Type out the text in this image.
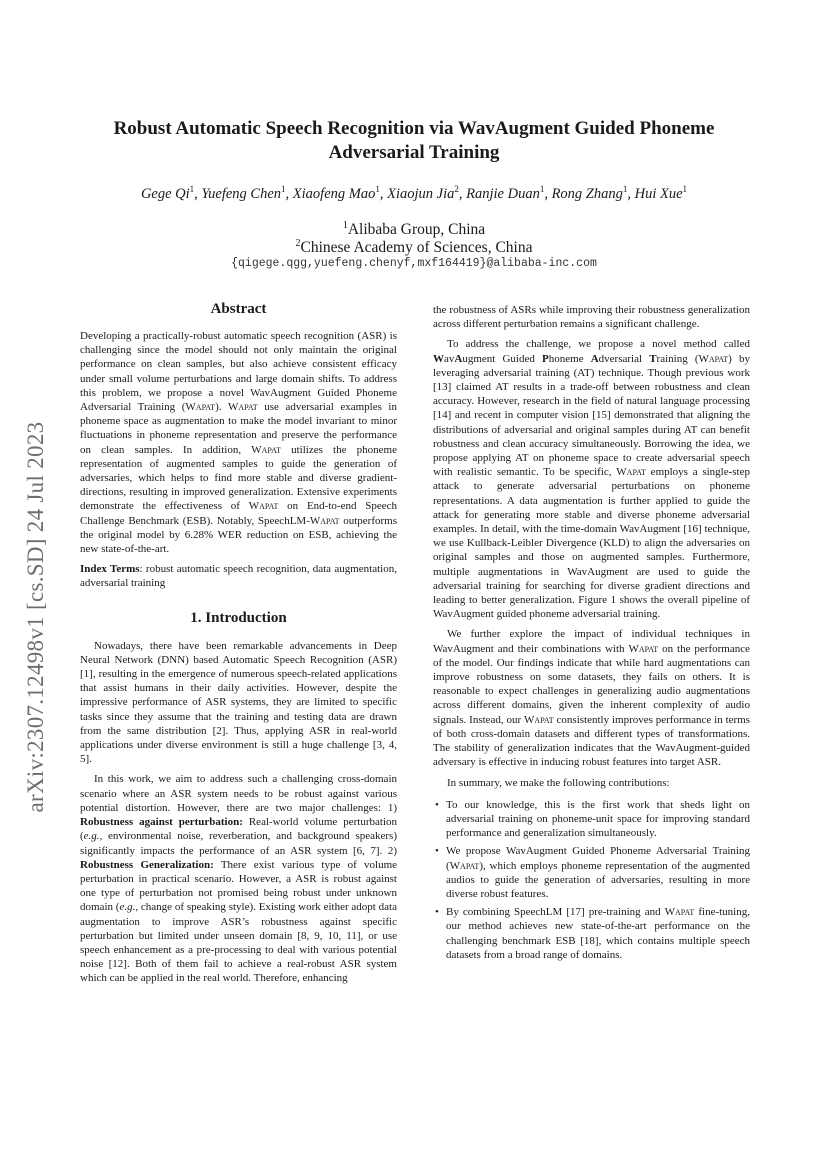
arXiv:2307.12498v1 [cs.SD] 24 Jul 2023
Robust Automatic Speech Recognition via WavAugment Guided Phoneme
Adversarial Training
Gege Qi$^1$, Yuefeng Chen$^1$, Xiaofeng Mao$^1$, Xiaojun Jia$^2$, Ranjie Duan$^1$, Rong Zhang$^1$, Hui Xue$^1$
$^1$Alibaba Group, China
$^2$Chinese Academy of Sciences, China
{qigege.qgg,yuefeng.chenyf,mxf164419}@alibaba-inc.com
Abstract

Developing a practically-robust automatic speech recognition (ASR) is challenging since the model should not only maintain the original performance on clean samples, but also achieve consistent efficacy under small volume perturbations and large domain shifts. To address this problem, we propose a novel WavAugment Guided Phoneme Adversarial Training (Wapat). Wapat use adversarial examples in phoneme space as augmentation to make the model invariant to minor fluctuations in phoneme representation and preserve the performance on clean samples. In addition, Wapat utilizes the phoneme representation of augmented samples to guide the generation of adversaries, which helps to find more stable and diverse gradient-directions, resulting in improved generalization. Extensive experiments demonstrate the effectiveness of Wapat on End-to-end Speech Challenge Benchmark (ESB). Notably, SpeechLM-Wapat outperforms the original model by 6.28% WER reduction on ESB, achieving the new state-of-the-art.

Index Terms: robust automatic speech recognition, data augmentation, adversarial training

1. Introduction

Nowadays, there have been remarkable advancements in Deep Neural Network (DNN) based Automatic Speech Recognition (ASR) [1], resulting in the emergence of numerous speech-related applications that assist humans in their daily activities. However, despite the impressive performance of ASR systems, they are limited to specific tasks since they assume that the training and testing data are drawn from the same distribution [2]. Thus, applying ASR in real-world applications under diverse environment is still a huge challenge [3, 4, 5].

In this work, we aim to address such a challenging cross-domain scenario where an ASR system needs to be robust against various potential distortion. However, there are two major challenges: 1) Robustness against perturbation: Real-world volume perturbation (e.g., environmental noise, reverberation, and background speakers) significantly impacts the performance of an ASR system [6, 7]. 2) Robustness Generalization: There exist various type of volume perturbation in practical scenario. However, a ASR is robust against one type of perturbation not promised being robust under unknown domain (e.g., change of speaking style). Existing work either adopt data augmentation to improve ASR’s robustness against specific perturbation but limited under unseen domain [8, 9, 10, 11], or use speech enhancement as a pre-processing to deal with various potential noise [12]. Both of them fail to achieve a real-robust ASR system which can be applied in the real world. Therefore, enhancing

the robustness of ASRs while improving their robustness generalization across different perturbation remains a significant challenge.

To address the challenge, we propose a novel method called WavAugment Guided Phoneme Adversarial Training (Wapat) by leveraging adversarial training (AT) technique. Though previous work [13] claimed AT results in a trade-off between robustness and clean accuracy. However, research in the field of natural language processing [14] and recent in computer vision [15] demonstrated that aligning the distributions of adversarial and original samples during AT can benefit robustness and clean accuracy simultaneously. Borrowing the idea, we propose applying AT on phoneme space to create adversarial speech with realistic semantic. To be specific, Wapat employs a single-step attack to generate adversarial perturbations on phoneme representations. A data augmentation is further applied to guide the attack for generating more stable and diverse phoneme adversarial examples. In detail, with the time-domain WavAugment [16] technique, we use Kullback-Leibler Divergence (KLD) to align the adversaries on original samples and those on augmented samples. Furthermore, multiple augmentations in WavAugment are used to guide the adversarial training for searching for diverse gradient directions and leading to better generalization. Figure 1 shows the overall pipeline of WavAugment guided phoneme adversarial training.

We further explore the impact of individual techniques in WavAugment and their combinations with Wapat on the performance of the model. Our findings indicate that while hard augmentations can improve robustness on some datasets, they fails on others. It is reasonable to expect challenges in generalizing audio augmentations across different domains, given the inherent complexity of audio signals. Instead, our Wapat consistently improves performance in terms of both cross-domain datasets and different types of transformations. The stability of generalization indicates that the WavAugment-guided adversary is effective in inducing robust features into target ASR.

In summary, we make the following contributions:

• To our knowledge, this is the first work that sheds light on adversarial training on phoneme-unit space for improving standard performance and generalization simultaneously.
• We propose WavAugment Guided Phoneme Adversarial Training (Wapat), which employs phoneme representation of the augmented audios to guide the generation of adversaries, resulting in more diverse robust features.
• By combining SpeechLM [17] pre-training and Wapat fine-tuning, our method achieves new state-of-the-art performance on the challenging benchmark ESB [18], which contains multiple speech datasets from a broad range of domains.
